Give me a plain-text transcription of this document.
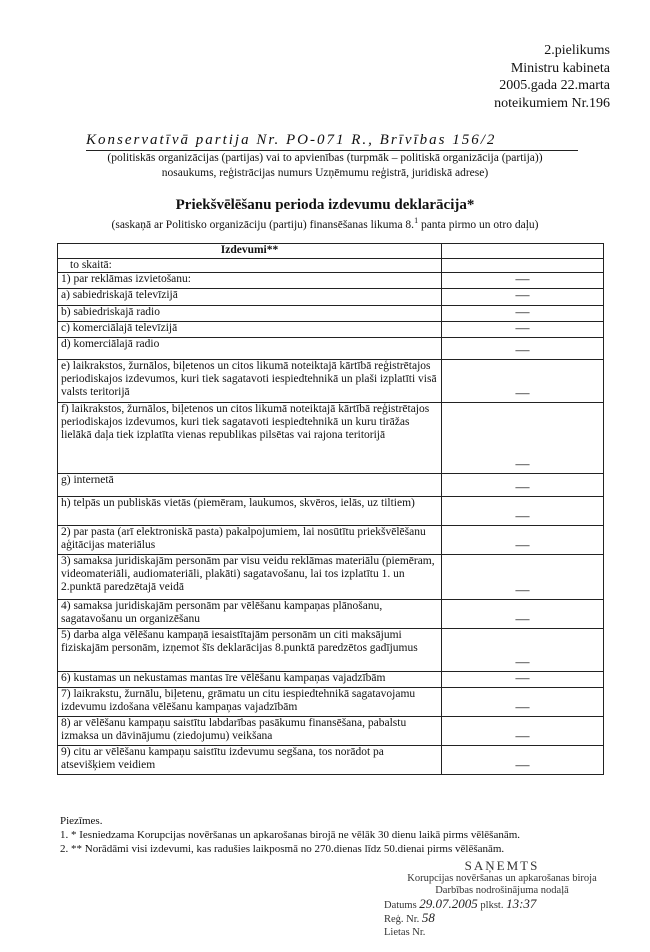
2.pielikums
Ministru kabineta
2005.gada 22.marta
noteikumiem Nr.196
Konservatīvā partija Nr. PO-071 R., Brīvības 156/2
(politiskās organizācijas (partijas) vai to apvienības (turpmāk – politiskā organizācija (partija))
nosaukums, reģistrācijas numurs Uzņēmumu reģistrā, juridiskā adrese)
Priekšvēlēšanu perioda izdevumu deklarācija*
(saskaņā ar Politisko organizāciju (partiju) finansēšanas likuma 8.$^1$ panta pirmo un otro daļu)
Izdevumi**	
to skaitā:	
1) par reklāmas izvietošanu:	—
a) sabiedriskajā televīzijā	—
b) sabiedriskajā radio	—
c) komerciālajā televīzijā	—
d) komerciālajā radio	—
e) laikrakstos, žurnālos, biļetenos un citos likumā noteiktajā kārtībā reģistrētajos periodiskajos izdevumos, kuri tiek sagatavoti iespiedtehnikā un plaši izplatīti visā valsts teritorijā	—
f) laikrakstos, žurnālos, biļetenos un citos likumā noteiktajā kārtībā reģistrētajos periodiskajos izdevumos, kuri tiek sagatavoti iespiedtehnikā un kuru tirāžas lielākā daļa tiek izplatīta vienas republikas pilsētas vai rajona teritorijā	—
g) internetā	—
h) telpās un publiskās vietās (piemēram, laukumos, skvēros, ielās, uz tiltiem)	—
2) par pasta (arī elektroniskā pasta) pakalpojumiem, lai nosūtītu priekšvēlēšanu aģitācijas materiālus	—
3) samaksa juridiskajām personām par visu veidu reklāmas materiālu (piemēram, videomateriāli, audiomateriāli, plakāti) sagatavošanu, lai tos izplatītu 1. un 2.punktā paredzētajā veidā	—
4) samaksa juridiskajām personām par vēlēšanu kampaņas plānošanu, sagatavošanu un organizēšanu	—
5) darba alga vēlēšanu kampaņā iesaistītajām personām un citi maksājumi fiziskajām personām, izņemot šīs deklarācijas 8.punktā paredzētos gadījumus	—
6) kustamas un nekustamas mantas īre vēlēšanu kampaņas vajadzībām	—
7) laikrakstu, žurnālu, biļetenu, grāmatu un citu iespiedtehnikā sagatavojamu izdevumu izdošana vēlēšanu kampaņas vajadzībām	—
8) ar vēlēšanu kampaņu saistītu labdarības pasākumu finansēšana, pabalstu izmaksa un dāvinājumu (ziedojumu) veikšana	—
9) citu ar vēlēšanu kampaņu saistītu izdevumu segšana, tos norādot pa atsevišķiem veidiem	—
Piezīmes.
1. * Iesniedzama Korupcijas novēršanas un apkarošanas birojā ne vēlāk 30 dienu laikā pirms vēlēšanām.
2. ** Norādāmi visi izdevumi, kas radušies laikposmā no 270.dienas līdz 50.dienai pirms vēlēšanām.
SAŅEMTS
Korupcijas novēršanas un apkarošanas biroja
Darbības nodrošinājuma nodaļā
Datums 29.07.2005 plkst. 13:37
Reģ. Nr. 58
Lietas Nr.
